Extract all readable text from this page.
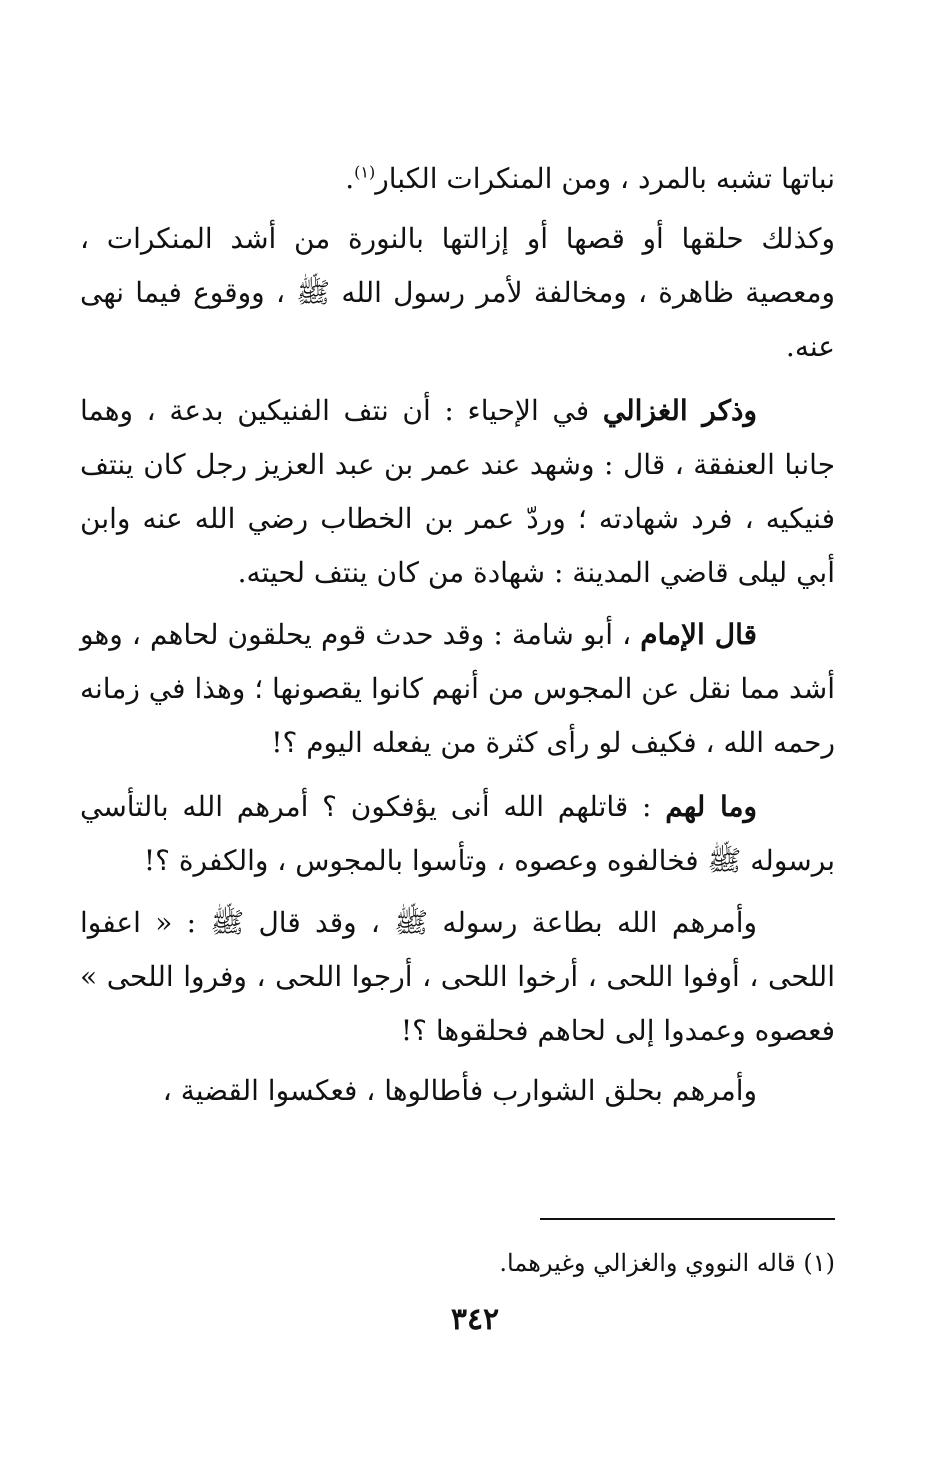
نباتها تشبه بالمرد ، ومن المنكرات الكبار$^{(١)}$.

وكذلك حلقها أو قصها أو إزالتها بالنورة من أشد المنكرات ، ومعصية ظاهرة ، ومخالفة لأمر رسول الله ﷺ ، ووقوع فيما نهى عنه.

وذكر الغزالي في الإحياء : أن نتف الفنيكين بدعة ، وهما جانبا العنفقة ، قال : وشهد عند عمر بن عبد العزيز رجل كان ينتف فنيكيه ، فرد شهادته ؛ وردّ عمر بن الخطاب رضي الله عنه وابن أبي ليلى قاضي المدينة : شهادة من كان ينتف لحيته.

قال الإمام ، أبو شامة : وقد حدث قوم يحلقون لحاهم ، وهو أشد مما نقل عن المجوس من أنهم كانوا يقصونها ؛ وهذا في زمانه رحمه الله ، فكيف لو رأى كثرة من يفعله اليوم ؟!

وما لهم : قاتلهم الله أنى يؤفكون ؟ أمرهم الله بالتأسي برسوله ﷺ فخالفوه وعصوه ، وتأسوا بالمجوس ، والكفرة ؟!

وأمرهم الله بطاعة رسوله ﷺ ، وقد قال ﷺ : « اعفوا اللحى ، أوفوا اللحى ، أرخوا اللحى ، أرجوا اللحى ، وفروا اللحى » فعصوه وعمدوا إلى لحاهم فحلقوها ؟!

وأمرهم بحلق الشوارب فأطالوها ، فعكسوا القضية ،

(١) قاله النووي والغزالي وغيرهما.
٣٤٢
